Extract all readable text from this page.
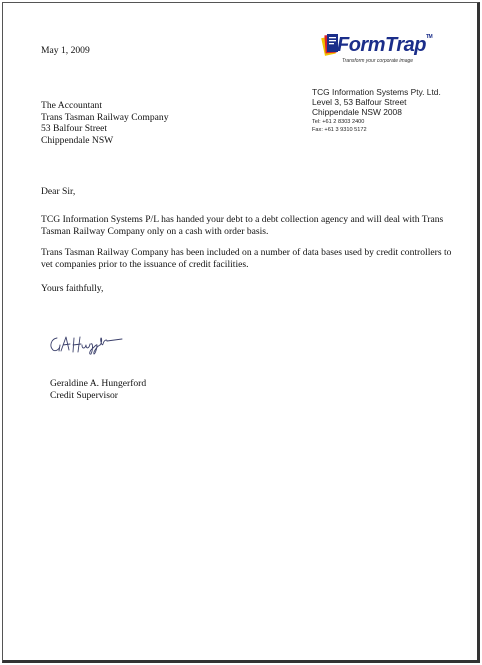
May 1, 2009	FormTrap™
Transform your corporate image
TCG Information Systems Pty. Ltd.
Level 3, 53 Balfour Street
Chippendale NSW 2008
Tel: +61 2 8303 2400
Fax: +61 3 9310 5172
The Accountant
Trans Tasman Railway Company
53 Balfour Street
Chippendale NSW
Dear Sir,
TCG Information Systems P/L has handed your debt to a debt collection agency and will deal with Trans Tasman Railway Company only on a cash with order basis.
Trans Tasman Railway Company has been included on a number of data bases used by credit controllers to vet companies prior to the issuance of credit facilities.
Yours faithfully,
Geraldine A. Hungerford
Credit Supervisor
